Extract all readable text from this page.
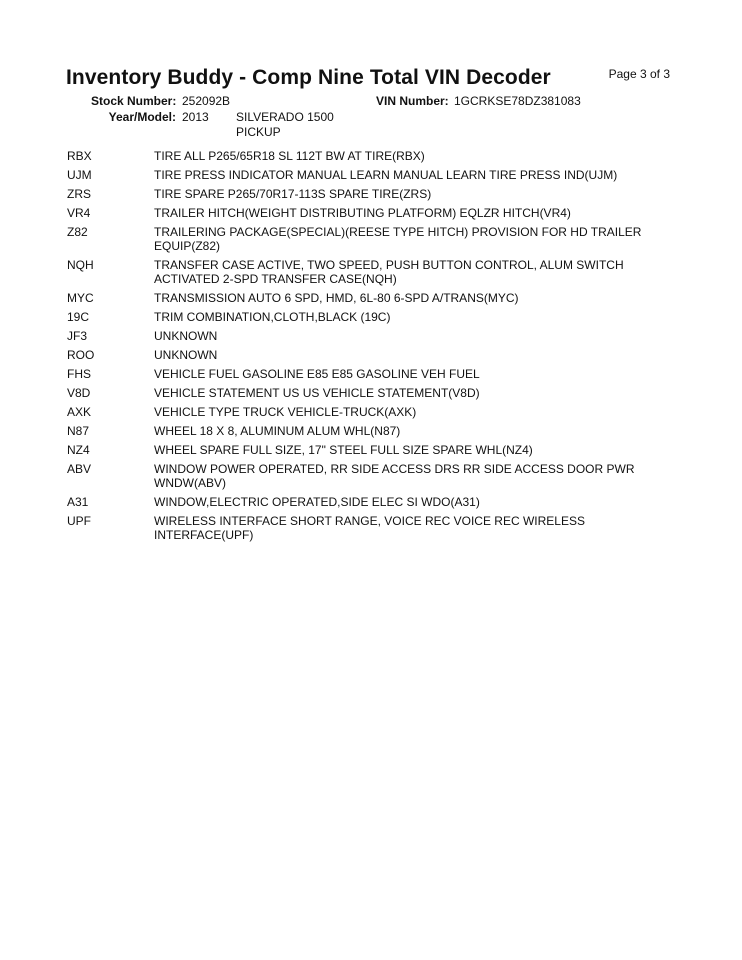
Inventory Buddy - Comp Nine Total VIN Decoder	Page 3 of 3
Stock Number: 252092B	VIN Number: 1GCRKSE78DZ381083
Year/Model: 2013 SILVERADO 1500 PICKUP
RBX	TIRE ALL P265/65R18 SL 112T BW AT TIRE(RBX)
UJM	TIRE PRESS INDICATOR MANUAL LEARN MANUAL LEARN TIRE PRESS IND(UJM)
ZRS	TIRE SPARE P265/70R17-113S SPARE TIRE(ZRS)
VR4	TRAILER HITCH(WEIGHT DISTRIBUTING PLATFORM) EQLZR HITCH(VR4)
Z82	TRAILERING PACKAGE(SPECIAL)(REESE TYPE HITCH) PROVISION FOR HD TRAILER EQUIP(Z82)
NQH	TRANSFER CASE ACTIVE, TWO SPEED, PUSH BUTTON CONTROL, ALUM SWITCH ACTIVATED 2-SPD TRANSFER CASE(NQH)
MYC	TRANSMISSION AUTO 6 SPD, HMD, 6L-80 6-SPD A/TRANS(MYC)
19C	TRIM COMBINATION,CLOTH,BLACK (19C)
JF3	UNKNOWN
ROO	UNKNOWN
FHS	VEHICLE FUEL GASOLINE E85 E85 GASOLINE VEH FUEL
V8D	VEHICLE STATEMENT US US VEHICLE STATEMENT(V8D)
AXK	VEHICLE TYPE TRUCK VEHICLE-TRUCK(AXK)
N87	WHEEL 18 X 8, ALUMINUM ALUM WHL(N87)
NZ4	WHEEL SPARE FULL SIZE, 17" STEEL FULL SIZE SPARE WHL(NZ4)
ABV	WINDOW POWER OPERATED, RR SIDE ACCESS DRS RR SIDE ACCESS DOOR PWR WNDW(ABV)
A31	WINDOW,ELECTRIC OPERATED,SIDE ELEC SI WDO(A31)
UPF	WIRELESS INTERFACE SHORT RANGE, VOICE REC VOICE REC WIRELESS INTERFACE(UPF)
